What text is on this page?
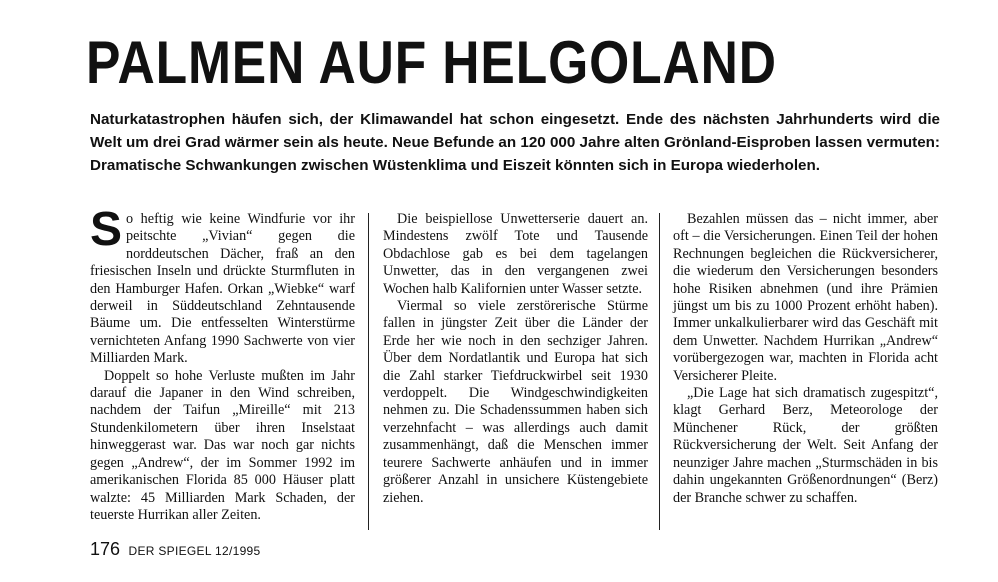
PALMEN AUF HELGOLAND
Naturkatastrophen häufen sich, der Klimawandel hat schon eingesetzt. Ende des nächsten Jahrhunderts wird die Welt um drei Grad wärmer sein als heute. Neue Befunde an 120 000 Jahre alten Grönland-Eisproben lassen vermuten: Dramatische Schwankungen zwischen Wüstenklima und Eiszeit könnten sich in Europa wiederholen.

So heftig wie keine Windfurie vor ihr peitschte „Vivian“ gegen die norddeutschen Dächer, fraß an den friesischen Inseln und drückte Sturmfluten in den Hamburger Hafen. Orkan „Wiebke“ warf derweil in Süddeutschland Zehntausende Bäume um. Die entfesselten Winterstürme vernichteten Anfang 1990 Sachwerte von vier Milliarden Mark.

Doppelt so hohe Verluste mußten im Jahr darauf die Japaner in den Wind schreiben, nachdem der Taifun „Mireille“ mit 213 Stundenkilometern über ihren Inselstaat hinweggerast war. Das war noch gar nichts gegen „Andrew“, der im Sommer 1992 im amerikanischen Florida 85 000 Häuser platt walzte: 45 Milliarden Mark Schaden, der teuerste Hurrikan aller Zeiten.

Die beispiellose Unwetterserie dauert an. Mindestens zwölf Tote und Tausende Obdachlose gab es bei dem tagelangen Unwetter, das in den vergangenen zwei Wochen halb Kalifornien unter Wasser setzte.

Viermal so viele zerstörerische Stürme fallen in jüngster Zeit über die Länder der Erde her wie noch in den sechziger Jahren. Über dem Nordatlantik und Europa hat sich die Zahl starker Tiefdruckwirbel seit 1930 verdoppelt. Die Windgeschwindigkeiten nehmen zu. Die Schadenssummen haben sich verzehnfacht – was allerdings auch damit zusammenhängt, daß die Menschen immer teurere Sachwerte anhäufen und in immer größerer Anzahl in unsichere Küstengebiete ziehen.

Bezahlen müssen das – nicht immer, aber oft – die Versicherungen. Einen Teil der hohen Rechnungen begleichen die Rückversicherer, die wiederum den Versicherungen besonders hohe Risiken abnehmen (und ihre Prämien jüngst um bis zu 1000 Prozent erhöht haben). Immer unkalkulierbarer wird das Geschäft mit dem Unwetter. Nachdem Hurrikan „Andrew“ vorübergezogen war, machten in Florida acht Versicherer Pleite.

„Die Lage hat sich dramatisch zugespitzt“, klagt Gerhard Berz, Meteorologe der Münchener Rück, der größten Rückversicherung der Welt. Seit Anfang der neunziger Jahre machen „Sturmschäden in bis dahin ungekannten Größenordnungen“ (Berz) der Branche schwer zu schaffen.

176 DER SPIEGEL 12/1995
